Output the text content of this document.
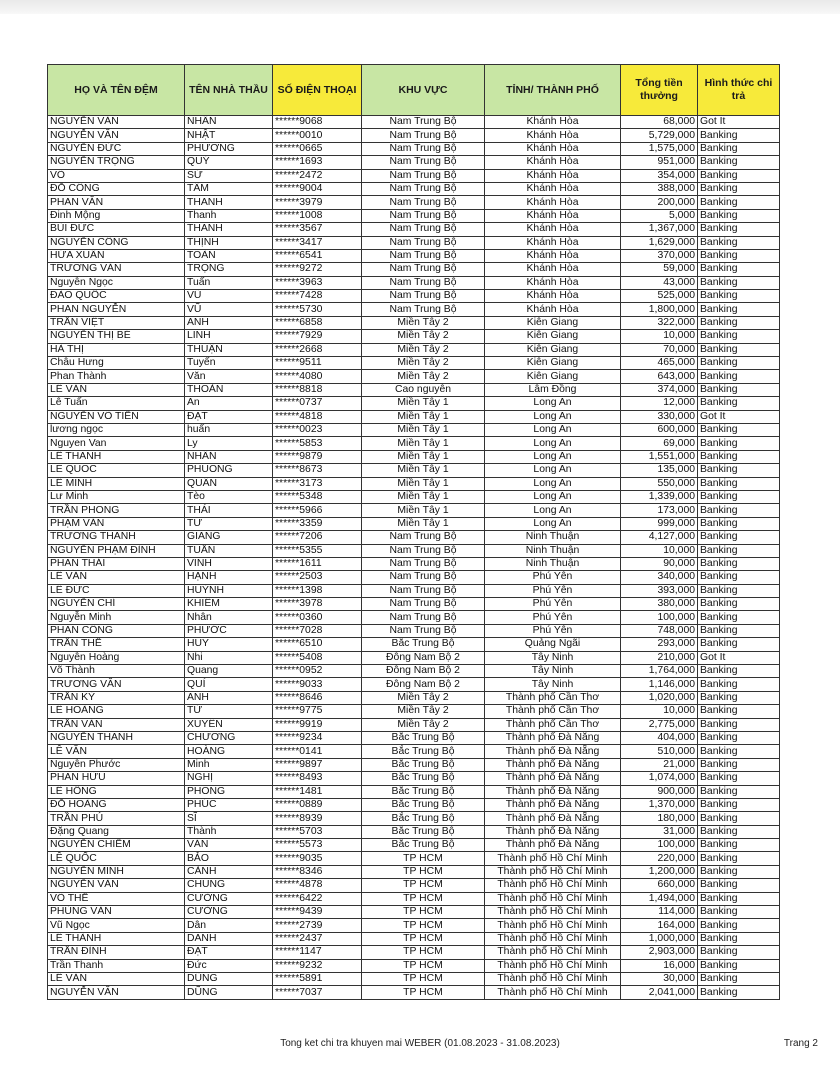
HỌ VÀ TÊN ĐỆM	TÊN NHÀ THẦU	SỐ ĐIỆN THOẠI	KHU VỰC	TỈNH/ THÀNH PHỐ	Tổng tiền thưởng	Hình thức chi trả
NGUYỄN VĂN	NHÂN	******9068	Nam Trung Bộ	Khánh Hòa	68,000	Got It
NGUYỄN VĂN	NHẬT	******0010	Nam Trung Bộ	Khánh Hòa	5,729,000	Banking
NGUYỄN ĐỨC	PHƯƠNG	******0665	Nam Trung Bộ	Khánh Hòa	1,575,000	Banking
NGUYỄN TRỌNG	QUÝ	******1693	Nam Trung Bộ	Khánh Hòa	951,000	Banking
VÕ	SỨ	******2472	Nam Trung Bộ	Khánh Hòa	354,000	Banking
ĐỖ CÔNG	TÂM	******9004	Nam Trung Bộ	Khánh Hòa	388,000	Banking
PHAN VĂN	THANH	******3979	Nam Trung Bộ	Khánh Hòa	200,000	Banking
Đinh Mộng	Thanh	******1008	Nam Trung Bộ	Khánh Hòa	5,000	Banking
BÙI ĐỨC	THANH	******3567	Nam Trung Bộ	Khánh Hòa	1,367,000	Banking
NGUYỄN CÔNG	THỊNH	******3417	Nam Trung Bộ	Khánh Hòa	1,629,000	Banking
HỨA XUÂN	TOÀN	******6541	Nam Trung Bộ	Khánh Hòa	370,000	Banking
TRƯƠNG VĂN	TRỌNG	******9272	Nam Trung Bộ	Khánh Hòa	59,000	Banking
Nguyễn Ngọc	Tuấn	******3963	Nam Trung Bộ	Khánh Hòa	43,000	Banking
ĐÀO QUỐC	VŨ	******7428	Nam Trung Bộ	Khánh Hòa	525,000	Banking
PHAN NGUYỄN	VŨ	******5730	Nam Trung Bộ	Khánh Hòa	1,800,000	Banking
TRẦN VIỆT	ANH	******6858	Miền Tây 2	Kiên Giang	322,000	Banking
NGUYỄN THỊ BÉ	LINH	******7929	Miền Tây 2	Kiên Giang	10,000	Banking
HÀ THỊ	THUẬN	******2668	Miền Tây 2	Kiên Giang	70,000	Banking
Châu Hưng	Tuyến	******9511	Miền Tây 2	Kiên Giang	465,000	Banking
Phan Thành	Văn	******4080	Miền Tây 2	Kiên Giang	643,000	Banking
LÊ VĂN	THOẢN	******8818	Cao nguyên	Lâm Đồng	374,000	Banking
Lê Tuấn	An	******0737	Miền Tây 1	Long An	12,000	Banking
NGUYỄN VÕ TIẾN	ĐẠT	******4818	Miền Tây 1	Long An	330,000	Got It
lương ngọc	huấn	******0023	Miền Tây 1	Long An	600,000	Banking
Nguyen Van	Ly	******5853	Miền Tây 1	Long An	69,000	Banking
LÊ THANH	NHÂN	******9879	Miền Tây 1	Long An	1,551,000	Banking
LE QUOC	PHUONG	******8673	Miền Tây 1	Long An	135,000	Banking
LÊ MINH	QUÂN	******3173	Miền Tây 1	Long An	550,000	Banking
Lư Minh	Tèo	******5348	Miền Tây 1	Long An	1,339,000	Banking
TRẦN PHONG	THÁI	******5966	Miền Tây 1	Long An	173,000	Banking
PHẠM VĂN	TƯ	******3359	Miền Tây 1	Long An	999,000	Banking
TRƯƠNG THANH	GIANG	******7206	Nam Trung Bộ	Ninh Thuận	4,127,000	Banking
NGUYỄN PHẠM ĐÌNH	TUẤN	******5355	Nam Trung Bộ	Ninh Thuận	10,000	Banking
PHAN THÁI	VINH	******1611	Nam Trung Bộ	Ninh Thuận	90,000	Banking
LÊ VĂN	HẠNH	******2503	Nam Trung Bộ	Phú Yên	340,000	Banking
LÊ ĐỨC	HUỲNH	******1398	Nam Trung Bộ	Phú Yên	393,000	Banking
NGUYỄN CHÍ	KHIÊM	******3978	Nam Trung Bộ	Phú Yên	380,000	Banking
Nguyễn Minh	Nhân	******0360	Nam Trung Bộ	Phú Yên	100,000	Banking
PHAN CÔNG	PHƯỚC	******7028	Nam Trung Bộ	Phú Yên	748,000	Banking
TRẦN THẾ	HUY	******6510	Bắc Trung Bộ	Quảng Ngãi	293,000	Banking
Nguyễn Hoàng	Nhi	******5408	Đông Nam Bộ 2	Tây Ninh	210,000	Got It
Võ Thành	Quang	******0952	Đông Nam Bộ 2	Tây Ninh	1,764,000	Banking
TRƯƠNG VĂN	QUÍ	******9033	Đông Nam Bộ 2	Tây Ninh	1,146,000	Banking
TRẦN KỲ	ANH	******8646	Miền Tây 2	Thành phố Cần Thơ	1,020,000	Banking
LÊ HOÀNG	TỪ	******9775	Miền Tây 2	Thành phố Cần Thơ	10,000	Banking
TRẦN VĂN	XUYÊN	******9919	Miền Tây 2	Thành phố Cần Thơ	2,775,000	Banking
NGUYỄN THANH	CHƯƠNG	******9234	Bắc Trung Bộ	Thành phố Đà Nẵng	404,000	Banking
LÊ VĂN	HOÀNG	******0141	Bắc Trung Bộ	Thành phố Đà Nẵng	510,000	Banking
Nguyễn Phước	Minh	******9897	Bắc Trung Bộ	Thành phố Đà Nẵng	21,000	Banking
PHAN HỮU	NGHỊ	******8493	Bắc Trung Bộ	Thành phố Đà Nẵng	1,074,000	Banking
LÊ HỒNG	PHONG	******1481	Bắc Trung Bộ	Thành phố Đà Nẵng	900,000	Banking
ĐỖ HOÀNG	PHÚC	******0889	Bắc Trung Bộ	Thành phố Đà Nẵng	1,370,000	Banking
TRẦN PHÚ	SĨ	******8939	Bắc Trung Bộ	Thành phố Đà Nẵng	180,000	Banking
Đặng Quang	Thành	******5703	Bắc Trung Bộ	Thành phố Đà Nẵng	31,000	Banking
NGUYỄN CHIẾM	VĂN	******5573	Bắc Trung Bộ	Thành phố Đà Nẵng	100,000	Banking
LÊ QUỐC	BẢO	******9035	TP HCM	Thành phố Hồ Chí Minh	220,000	Banking
NGUYỄN MINH	CẢNH	******8346	TP HCM	Thành phố Hồ Chí Minh	1,200,000	Banking
NGUYỄN VĂN	CHUNG	******4878	TP HCM	Thành phố Hồ Chí Minh	660,000	Banking
VÕ THẾ	CƯỜNG	******6422	TP HCM	Thành phố Hồ Chí Minh	1,494,000	Banking
PHÙNG VĂN	CƯỜNG	******9439	TP HCM	Thành phố Hồ Chí Minh	114,000	Banking
Vũ Ngọc	Dân	******2739	TP HCM	Thành phố Hồ Chí Minh	164,000	Banking
LÊ THÀNH	DANH	******2437	TP HCM	Thành phố Hồ Chí Minh	1,000,000	Banking
TRẦN ĐÌNH	ĐẠT	******1147	TP HCM	Thành phố Hồ Chí Minh	2,903,000	Banking
Trần Thanh	Đức	******9232	TP HCM	Thành phố Hồ Chí Minh	16,000	Banking
LÊ VĂN	DŨNG	******5891	TP HCM	Thành phố Hồ Chí Minh	30,000	Banking
NGUYỄN VĂN	DŨNG	******7037	TP HCM	Thành phố Hồ Chí Minh	2,041,000	Banking
Tong ket chi tra khuyen mai WEBER (01.08.2023 - 31.08.2023)	Trang 2
